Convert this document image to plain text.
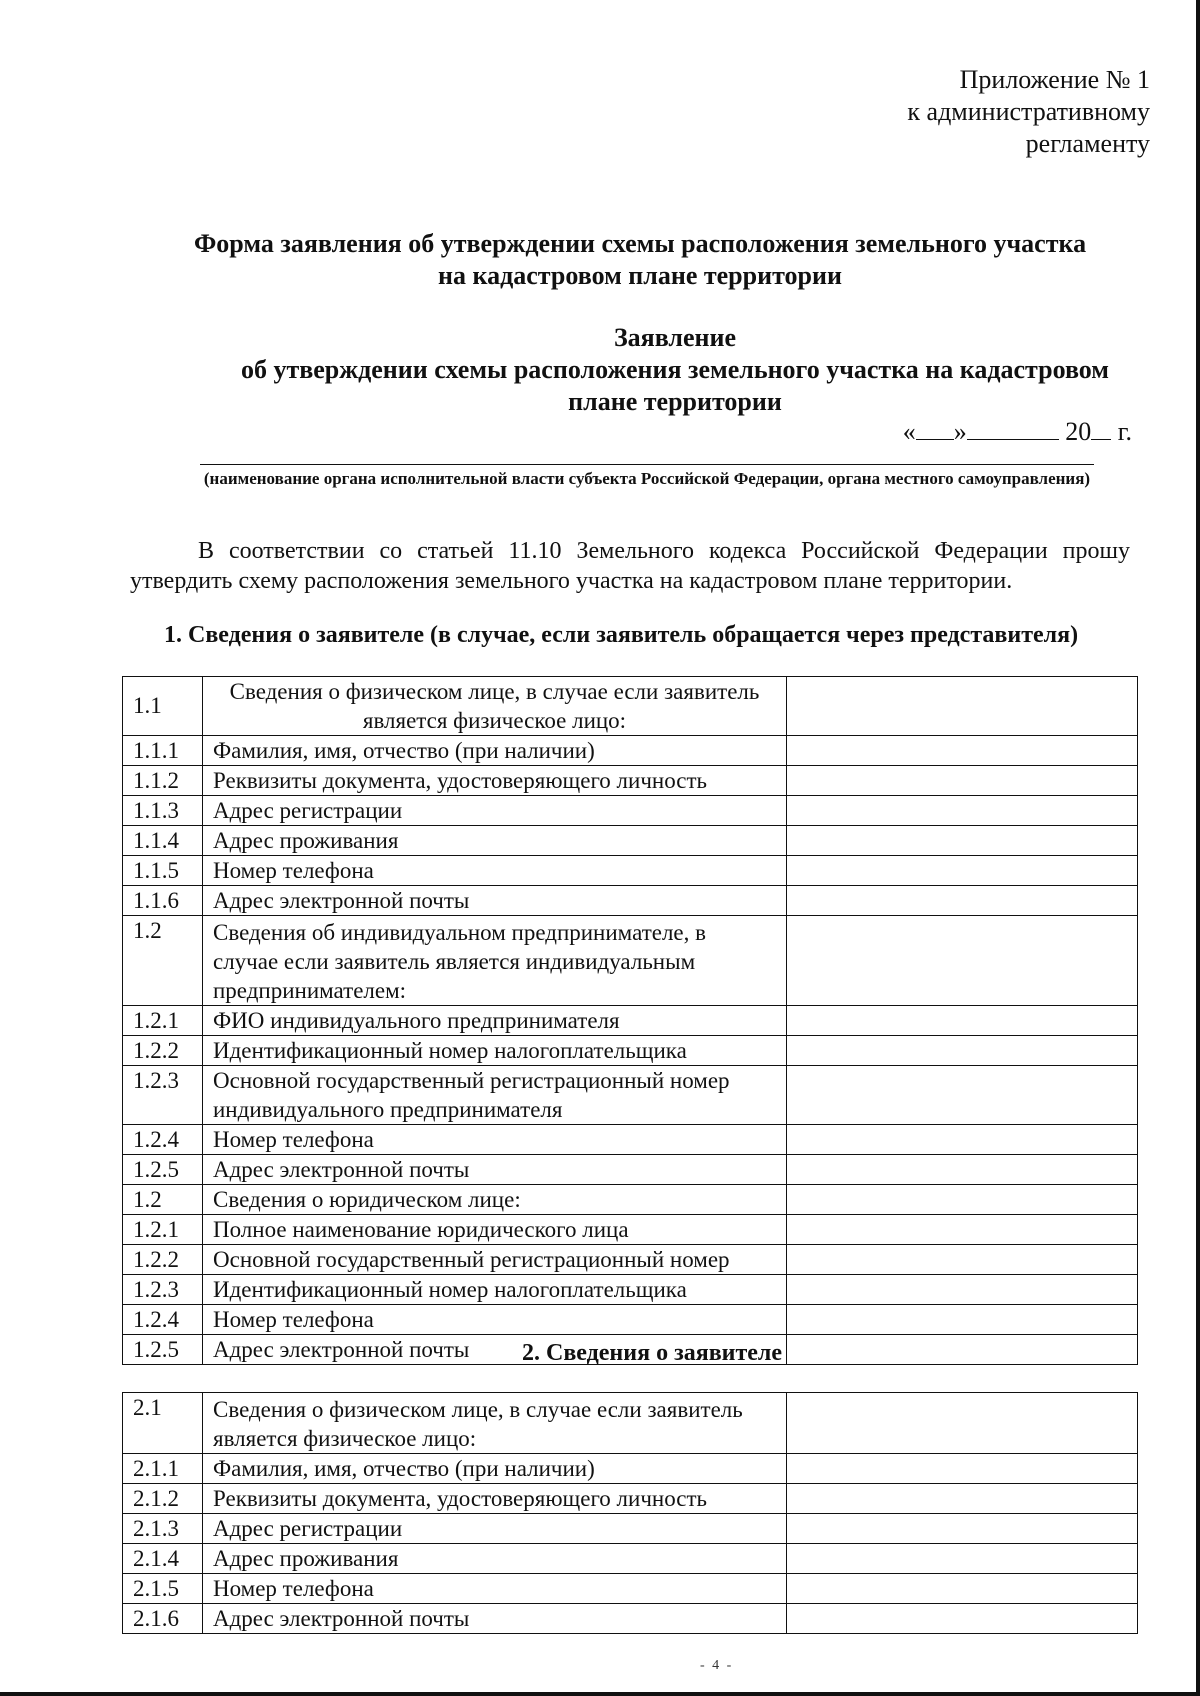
Приложение № 1
к административному
регламенту
Форма заявления об утверждении схемы расположения земельного участка
на кадастровом плане территории
Заявление
об утверждении схемы расположения земельного участка на кадастровом
плане территории
« »	20 г.
(наименование органа исполнительной власти субъекта Российской Федерации, органа местного самоуправления)
В соответствии со статьей 11.10 Земельного кодекса Российской Федерации прошу утвердить схему расположения земельного участка на кадастровом плане территории.
1. Сведения о заявителе (в случае, если заявитель обращается через представителя)
1.1	Сведения о физическом лице, в случае если заявитель является физическое лицо:	
1.1.1	Фамилия, имя, отчество (при наличии)	
1.1.2	Реквизиты документа, удостоверяющего личность	
1.1.3	Адрес регистрации	
1.1.4	Адрес проживания	
1.1.5	Номер телефона	
1.1.6	Адрес электронной почты	
1.2	Сведения об индивидуальном предпринимателе, в случае если заявитель является индивидуальным предпринимателем:	
1.2.1	ФИО индивидуального предпринимателя	
1.2.2	Идентификационный номер налогоплательщика	
1.2.3	Основной государственный регистрационный номер индивидуального предпринимателя	
1.2.4	Номер телефона	
1.2.5	Адрес электронной почты	
1.2	Сведения о юридическом лице:	
1.2.1	Полное наименование юридического лица	
1.2.2	Основной государственный регистрационный номер	
1.2.3	Идентификационный номер налогоплательщика	
1.2.4	Номер телефона	
1.2.5	Адрес электронной почты	2. Сведения о заявителе
2.1	Сведения о физическом лице, в случае если заявитель является физическое лицо:	
2.1.1	Фамилия, имя, отчество (при наличии)	
2.1.2	Реквизиты документа, удостоверяющего личность	
2.1.3	Адрес регистрации	
2.1.4	Адрес проживания	
2.1.5	Номер телефона	
2.1.6	Адрес электронной почты	
- 4 -
